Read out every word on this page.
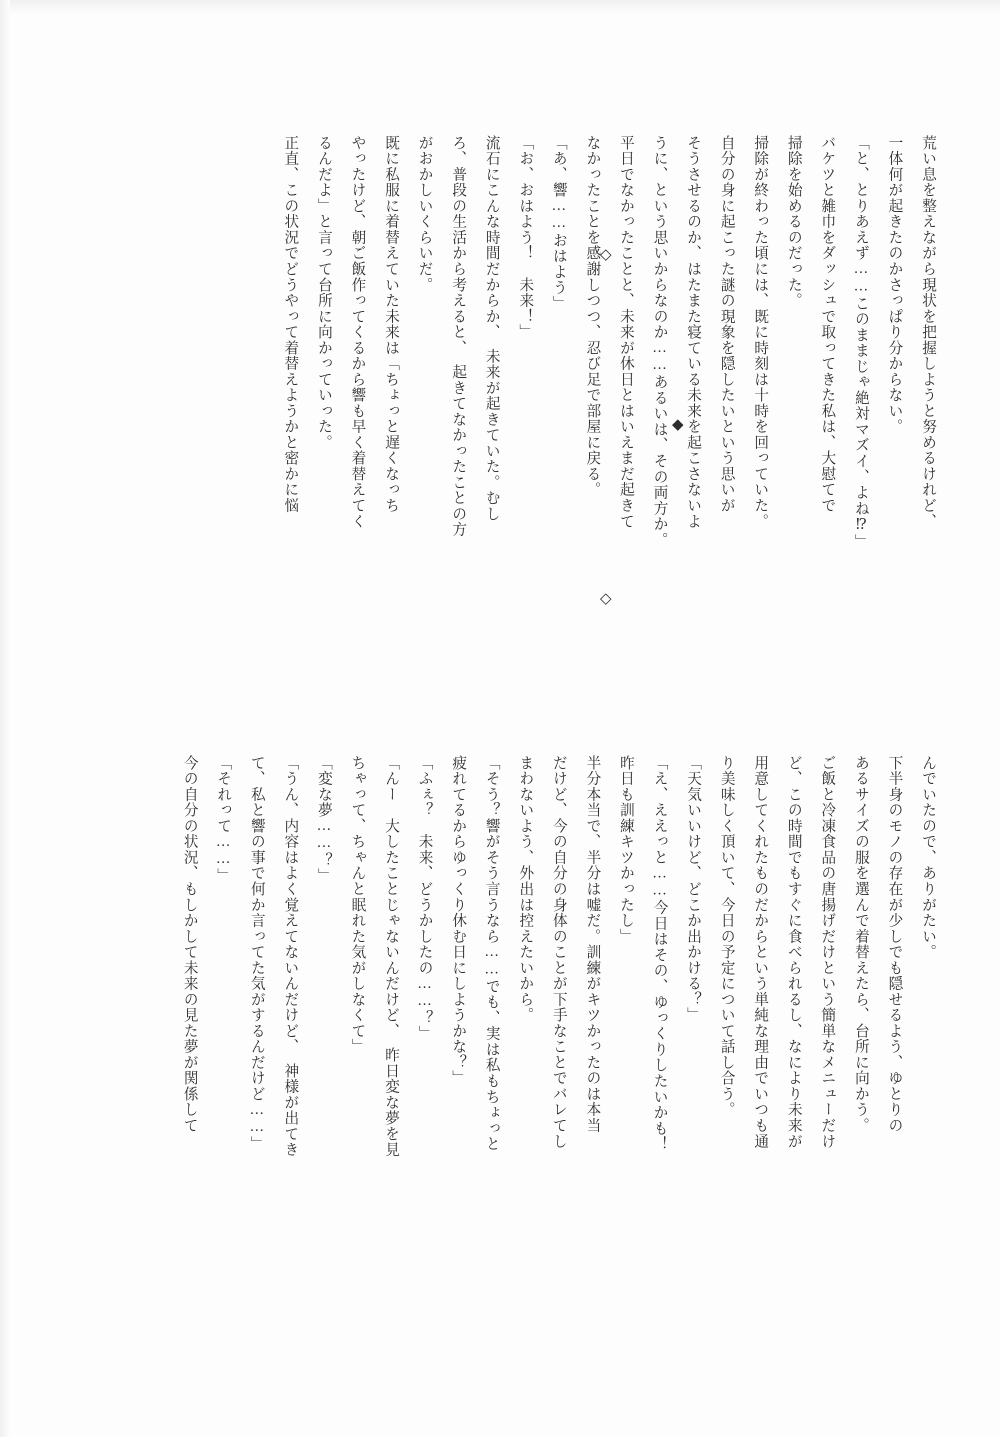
荒い息を整えながら現状を把握しようと努めるけれど、

一体何が起きたのかさっぱり分からない。

「と、とりあえず……このままじゃ絶対マズイ、よね⁉」

バケツと雑巾をダッシュで取ってきた私は、大慰てで

掃除を始めるのだった。

掃除が終わった頃には、既に時刻は十時を回っていた。

自分の身に起こった謎の現象を隠したいという思いが

そうさせるのか、はたまた寝ている未来を起こさないよ

うに、という思いからなのか……あるいは、その両方か。

平日でなかったことと、未来が休日とはいえまだ起きて

なかったことを感謝しつつ、忍び足で部屋に戻る。

「あ、響……おはよう」

「お、おはよう！　未来！」

流石にこんな時間だからか、　未来が起きていた。むし

ろ、普段の生活から考えると、　起きてなかったことの方

がおかしいくらいだ。

既に私服に着替えていた未来は「ちょっと遅くなっち

やったけど、朝ご飯作ってくるから響も早く着替えてく

るんだよ」と言って台所に向かっていった。

正直、この状況でどうやって着替えようかと密かに悩

んでいたので、ありがたい。

下半身のモノの存在が少しでも隠せるよう、ゆとりの

あるサイズの服を選んで着替えたら、台所に向かう。

ご飯と冷凍食品の唐揚げだけという簡単なメニューだけ

ど、この時間でもすぐに食べられるし、なにより未来が

用意してくれたものだからという単純な理由でいつも通

り美味しく頂いて、今日の予定について話し合う。

「天気いいけど、どこか出かける？」

「え、ええっと……今日はその、ゆっくりしたいかも！

昨日も訓練キツかったし」

半分本当で、半分は嘘だ。訓練がキツかったのは本当

だけど、今の自分の身体のことが下手なことでバレてし

まわないよう、外出は控えたいから。

「そう？響がそう言うなら……でも、実は私もちょっと

疲れてるからゆっくり休む日にしようかな？」

「ふぇ？　未来、どうかしたの……？」

「んー　大したことじゃないんだけど、　昨日変な夢を見

ちゃって、ちゃんと眠れた気がしなくて」

「変な夢……？」

「うん、内容はよく覚えてないんだけど、　神様が出てき

て、私と響の事で何か言ってた気がするんだけど……」

「それって……」

今の自分の状況、もしかして未来の見た夢が関係して

◇
◆
◇
